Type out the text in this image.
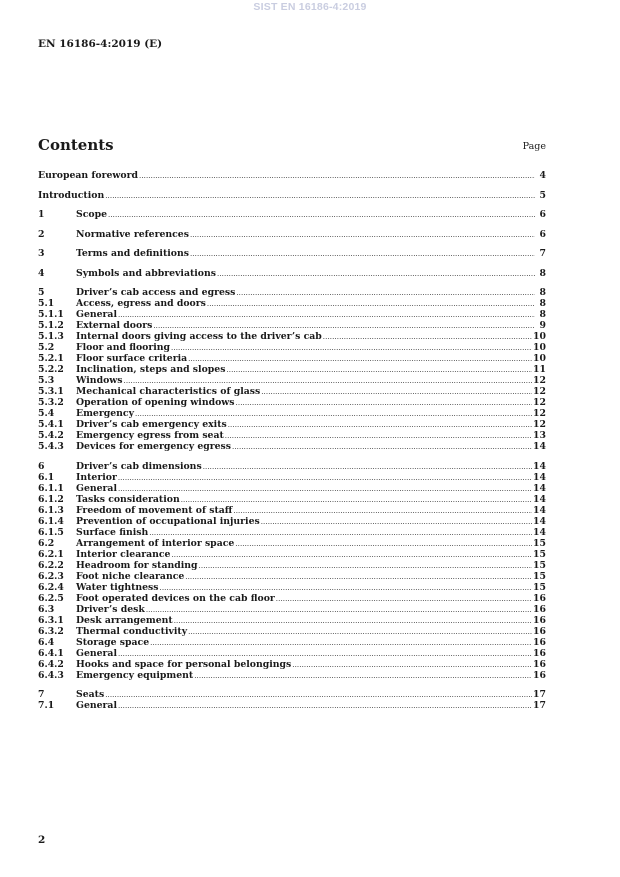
SIST EN 16186-4:2019
EN 16186-4:2019 (E)
Contents	Page
European foreword .....	4
Introduction .....	5
1	Scope .....	6
2	Normative references .....	6
3	Terms and definitions .....	7
4	Symbols and abbreviations .....	8
5	Driver’s cab access and egress .....	8
5.1	Access, egress and doors .....	8
5.1.1	General .....	8
5.1.2	External doors .....	9
5.1.3	Internal doors giving access to the driver’s cab .....	10
5.2	Floor and flooring .....	10
5.2.1	Floor surface criteria .....	10
5.2.2	Inclination, steps and slopes .....	11
5.3	Windows .....	12
5.3.1	Mechanical characteristics of glass .....	12
5.3.2	Operation of opening windows .....	12
5.4	Emergency .....	12
5.4.1	Driver’s cab emergency exits .....	12
5.4.2	Emergency egress from seat .....	13
5.4.3	Devices for emergency egress .....	14
6	Driver’s cab dimensions .....	14
6.1	Interior .....	14
6.1.1	General .....	14
6.1.2	Tasks consideration .....	14
6.1.3	Freedom of movement of staff .....	14
6.1.4	Prevention of occupational injuries .....	14
6.1.5	Surface finish .....	14
6.2	Arrangement of interior space .....	15
6.2.1	Interior clearance .....	15
6.2.2	Headroom for standing .....	15
6.2.3	Foot niche clearance .....	15
6.2.4	Water tightness .....	15
6.2.5	Foot operated devices on the cab floor .....	16
6.3	Driver’s desk .....	16
6.3.1	Desk arrangement .....	16
6.3.2	Thermal conductivity .....	16
6.4	Storage space .....	16
6.4.1	General .....	16
6.4.2	Hooks and space for personal belongings .....	16
6.4.3	Emergency equipment .....	16
7	Seats .....	17
7.1	General .....	17
2
